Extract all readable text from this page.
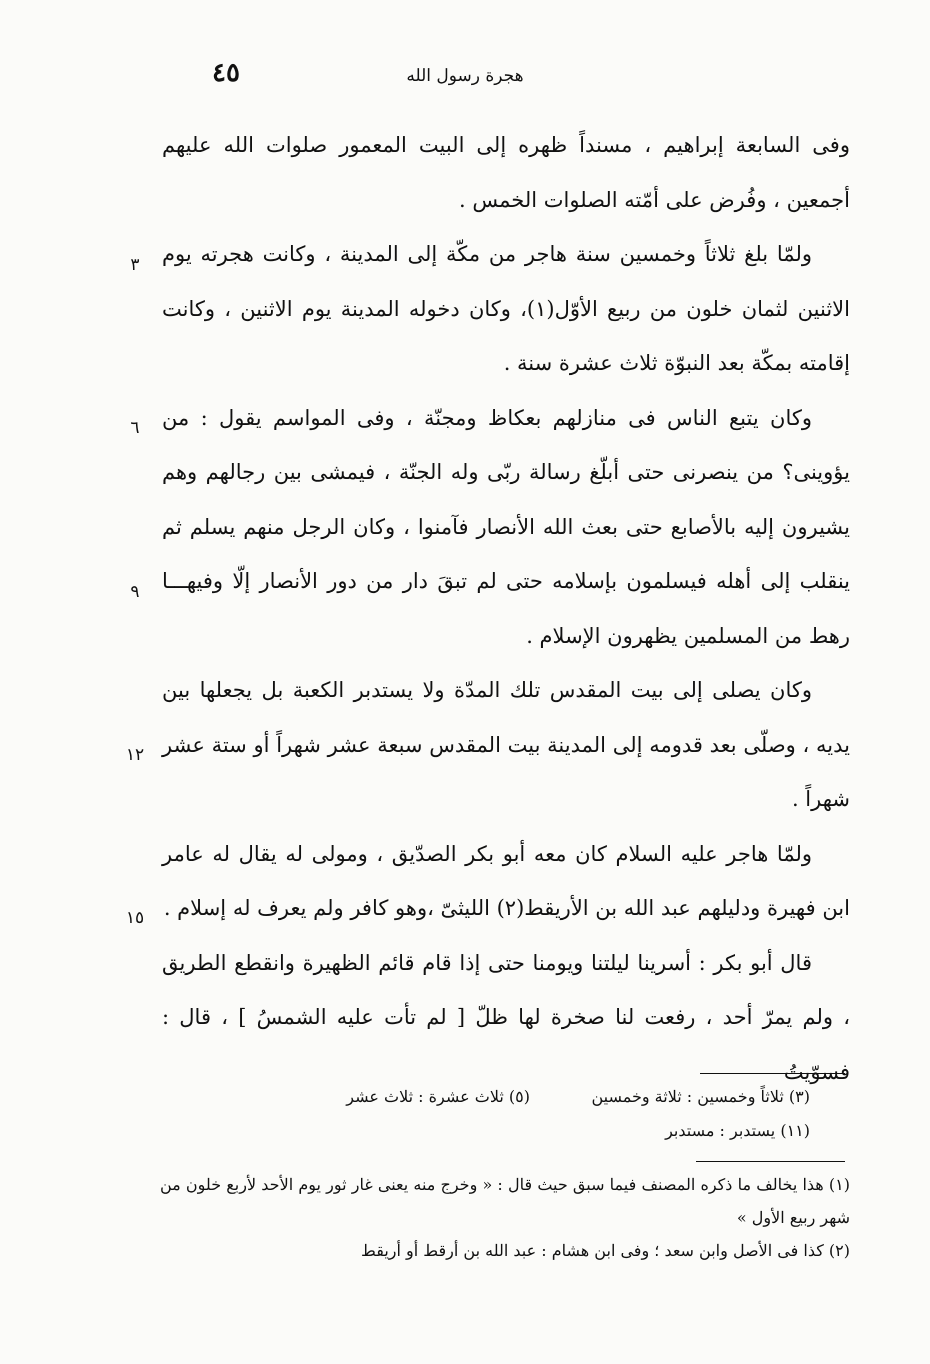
هجرة رسول الله
٤٥

وفى السابعة إبراهيم ، مسنداً ظهره إلى البيت المعمور صلوات الله عليهم أجمعين ، وفُرض على أمّته الصلوات الخمس .

ولمّا بلغ ثلاثاً وخمسين سنة هاجر من مكّة إلى المدينة ، وكانت هجرته يوم الاثنين لثمان خلون من ربيع الأوّل(١)، وكان دخوله المدينة يوم الاثنين ، وكانت إقامته بمكّة بعد النبوّة ثلاث عشرة سنة .

وكان يتبع الناس فى منازلهم بعكاظ ومجنّة ، وفى المواسم يقول : من يؤوينى؟ من ينصرنى حتى أبلّغ رسالة ربّى وله الجنّة ، فيمشى بين رجالهم وهم يشيرون إليه بالأصابع حتى بعث الله الأنصار فآمنوا ، وكان الرجل منهم يسلم ثم ينقلب إلى أهله فيسلمون بإسلامه حتى لم تبقَ دار من دور الأنصار إلّا وفيهـــا رهط من المسلمين يظهرون الإسلام .

وكان يصلى إلى بيت المقدس تلك المدّة ولا يستدبر الكعبة بل يجعلها بين يديه ، وصلّى بعد قدومه إلى المدينة بيت المقدس سبعة عشر شهراً أو ستة عشر شهراً .

ولمّا هاجر عليه السلام كان معه أبو بكر الصدّيق ، ومولى له يقال له عامر ابن فهيرة ودليلهم عبد الله بن الأريقط(٢) الليثىّ ،وهو كافر ولم يعرف له إسلام .

قال أبو بكر : أسرينا ليلتنا ويومنا حتى إذا قام قائم الظهيرة وانقطع الطريق ، ولم يمرّ أحد ، رفعت لنا صخرة لها ظلّ [ لم تأت عليه الشمسُ ] ، قال : فسوّيتُ

٣
٦
٩
١٢
١٥
(٣) ثلاثاً وخمسين : ثلاثة وخمسين
(٥) ثلاث عشرة : ثلاث عشر
(١١) يستدبر : مستدبر

(١) هذا يخالف ما ذكره المصنف فيما سبق حيث قال : « وخرج منه يعنى غار ثور يوم الأحد لأربع خلون من شهر ربيع الأول »

(٢) كذا فى الأصل وابن سعد ؛ وفى ابن هشام : عبد الله بن أرقط أو أريقط
